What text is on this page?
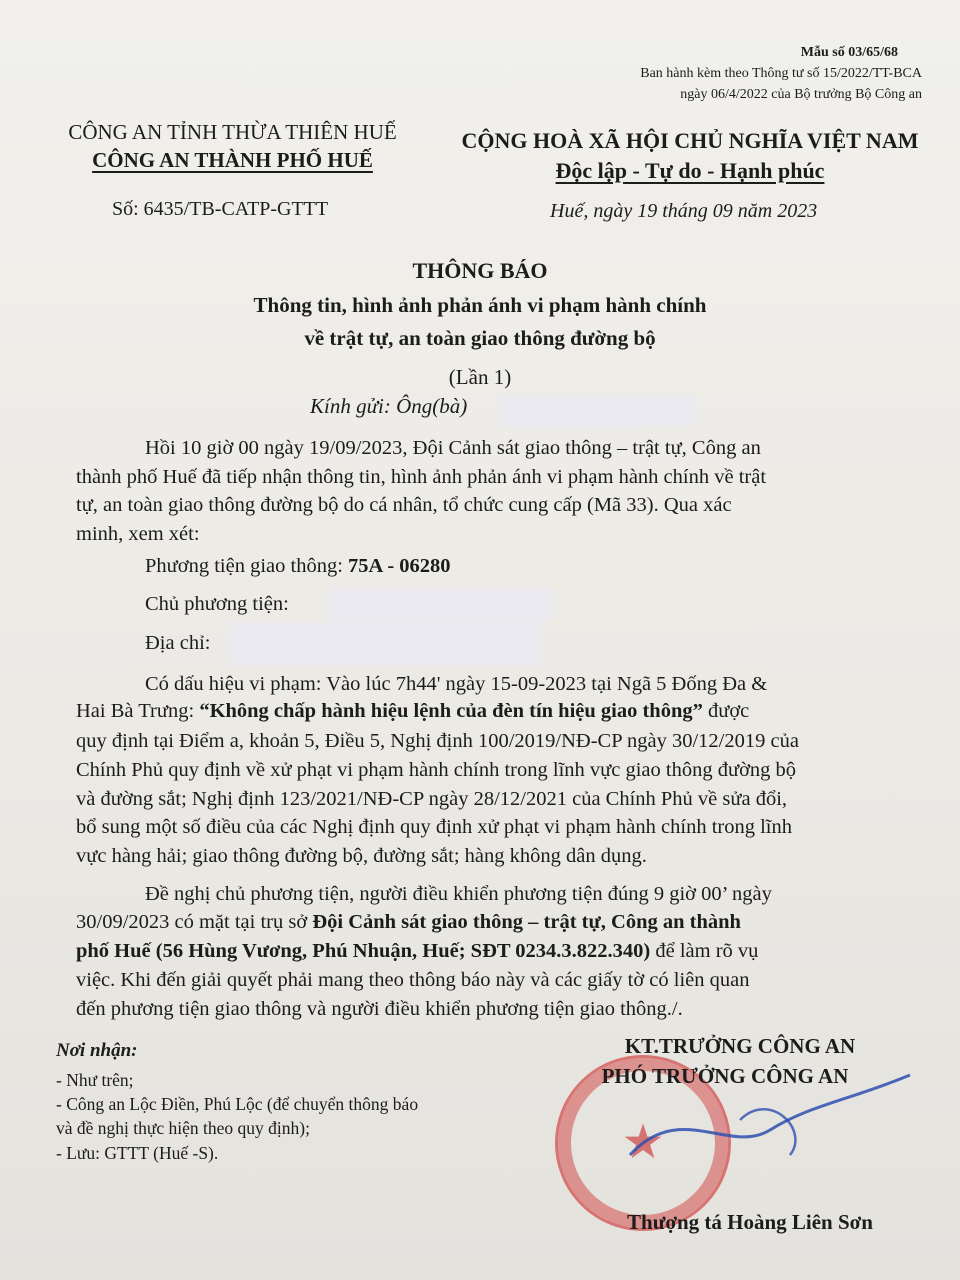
Mẫu số 03/65/68
Ban hành kèm theo Thông tư số 15/2022/TT-BCA
ngày 06/4/2022 của Bộ trưởng Bộ Công an
CÔNG AN TỈNH THỪA THIÊN HUẾ
CÔNG AN THÀNH PHỐ HUẾ
Số: 6435/TB-CATP-GTTT
CỘNG HOÀ XÃ HỘI CHỦ NGHĨA VIỆT NAM
Độc lập - Tự do - Hạnh phúc
Huế, ngày 19 tháng 09 năm 2023
THÔNG BÁO
Thông tin, hình ảnh phản ánh vi phạm hành chính
về trật tự, an toàn giao thông đường bộ
(Lần 1)
Kính gửi: Ông(bà)
Hồi 10 giờ 00 ngày 19/09/2023, Đội Cảnh sát giao thông – trật tự, Công an
thành phố Huế đã tiếp nhận thông tin, hình ảnh phản ánh vi phạm hành chính về trật
tự, an toàn giao thông đường bộ do cá nhân, tổ chức cung cấp (Mã 33). Qua xác
minh, xem xét:
Phương tiện giao thông: 75A - 06280
Chủ phương tiện:
Địa chỉ:
Có dấu hiệu vi phạm: Vào lúc 7h44' ngày 15-09-2023 tại Ngã 5 Đống Đa &
Hai Bà Trưng: “Không chấp hành hiệu lệnh của đèn tín hiệu giao thông” được
quy định tại Điểm a, khoản 5, Điều 5, Nghị định 100/2019/NĐ-CP ngày 30/12/2019 của
Chính Phủ quy định về xử phạt vi phạm hành chính trong lĩnh vực giao thông đường bộ
và đường sắt; Nghị định 123/2021/NĐ-CP ngày 28/12/2021 của Chính Phủ về sửa đổi,
bổ sung một số điều của các Nghị định quy định xử phạt vi phạm hành chính trong lĩnh
vực hàng hải; giao thông đường bộ, đường sắt; hàng không dân dụng.
Đề nghị chủ phương tiện, người điều khiển phương tiện đúng 9 giờ 00’ ngày
30/09/2023 có mặt tại trụ sở Đội Cảnh sát giao thông – trật tự, Công an thành
phố Huế (56 Hùng Vương, Phú Nhuận, Huế; SĐT 0234.3.822.340) để làm rõ vụ
việc. Khi đến giải quyết phải mang theo thông báo này và các giấy tờ có liên quan
đến phương tiện giao thông và người điều khiển phương tiện giao thông./.
Nơi nhận:
- Như trên;
- Công an Lộc Điền, Phú Lộc (để chuyển thông báo
và đề nghị thực hiện theo quy định);
- Lưu: GTTT (Huế -S).	★
KT.TRƯỞNG CÔNG AN
PHÓ TRƯỞNG CÔNG AN
Thượng tá Hoàng Liên Sơn
